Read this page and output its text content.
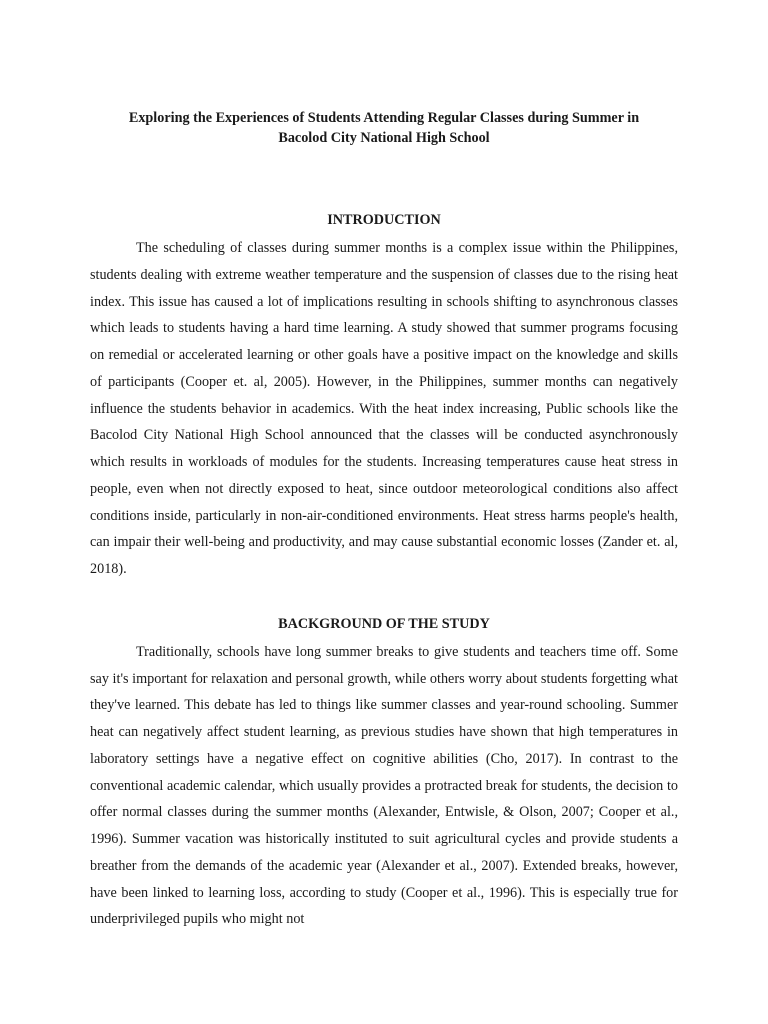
Exploring the Experiences of Students Attending Regular Classes during Summer in
Bacolod City National High School

INTRODUCTION

The scheduling of classes during summer months is a complex issue within the Philippines, students dealing with extreme weather temperature and the suspension of classes due to the rising heat index. This issue has caused a lot of implications resulting in schools shifting to asynchronous classes which leads to students having a hard time learning. A study showed that summer programs focusing on remedial or accelerated learning or other goals have a positive impact on the knowledge and skills of participants (Cooper et. al, 2005). However, in the Philippines, summer months can negatively influence the students behavior in academics. With the heat index increasing, Public schools like the Bacolod City National High School announced that the classes will be conducted asynchronously which results in workloads of modules for the students. Increasing temperatures cause heat stress in people, even when not directly exposed to heat, since outdoor meteorological conditions also affect conditions inside, particularly in non-air-conditioned environments. Heat stress harms people's health, can impair their well-being and productivity, and may cause substantial economic losses (Zander et. al, 2018).

BACKGROUND OF THE STUDY

Traditionally, schools have long summer breaks to give students and teachers time off. Some say it's important for relaxation and personal growth, while others worry about students forgetting what they've learned. This debate has led to things like summer classes and year-round schooling. Summer heat can negatively affect student learning, as previous studies have shown that high temperatures in laboratory settings have a negative effect on cognitive abilities (Cho, 2017). In contrast to the conventional academic calendar, which usually provides a protracted break for students, the decision to offer normal classes during the summer months (Alexander, Entwisle, & Olson, 2007; Cooper et al., 1996). Summer vacation was historically instituted to suit agricultural cycles and provide students a breather from the demands of the academic year (Alexander et al., 2007). Extended breaks, however, have been linked to learning loss, according to study (Cooper et al., 1996). This is especially true for underprivileged pupils who might not
